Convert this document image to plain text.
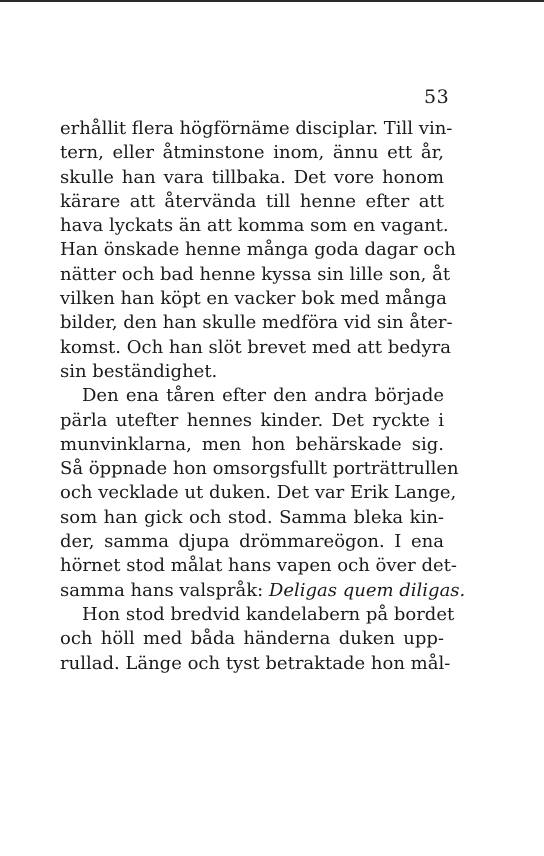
53
erhållit flera högförnäme disciplar. Till vin-
tern, eller åtminstone inom, ännu ett år,
skulle han vara tillbaka. Det vore honom
kärare att återvända till henne efter att
hava lyckats än att komma som en vagant.
Han önskade henne många goda dagar och
nätter och bad henne kyssa sin lille son, åt
vilken han köpt en vacker bok med många
bilder, den han skulle medföra vid sin åter-
komst. Och han slöt brevet med att bedyra
sin beständighet.
Den ena tåren efter den andra började
pärla utefter hennes kinder. Det ryckte i
munvinklarna, men hon behärskade sig.
Så öppnade hon omsorgsfullt porträttrullen
och vecklade ut duken. Det var Erik Lange,
som han gick och stod. Samma bleka kin-
der, samma djupa drömmareögon. I ena
hörnet stod målat hans vapen och över det-
samma hans valspråk: Deligas quem diligas.
Hon stod bredvid kandelabern på bordet
och höll med båda händerna duken upp-
rullad. Länge och tyst betraktade hon mål-
